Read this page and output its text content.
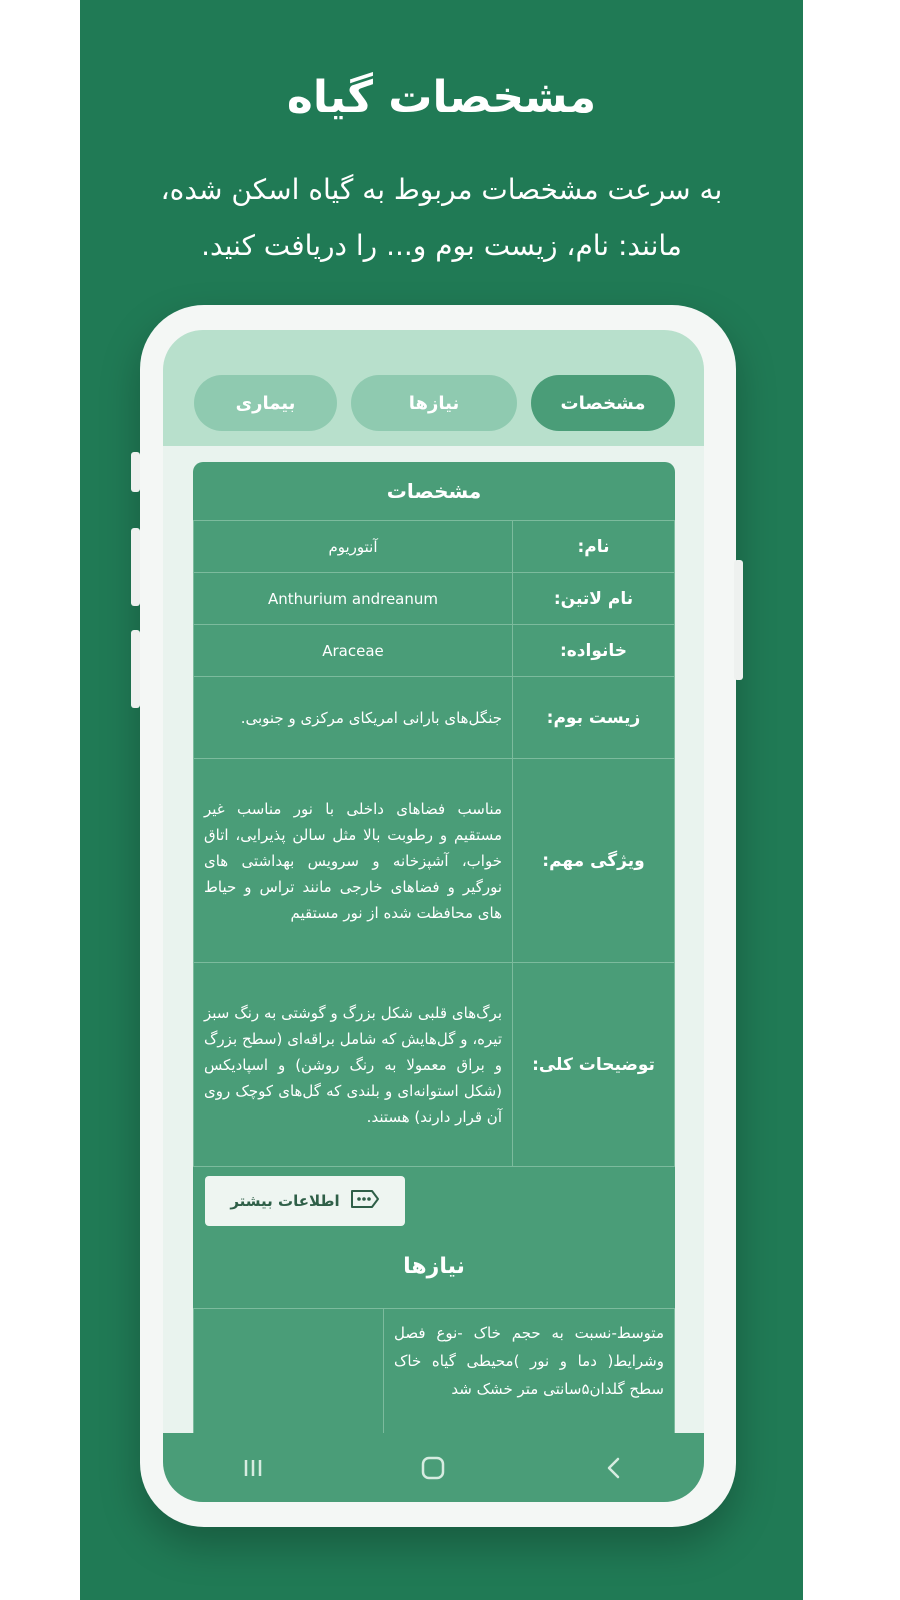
مشخصات گیاه
به سرعت مشخصات مربوط به گیاه اسکن شده،
مانند: نام، زیست بوم و... را دریافت کنید.
مشخصات
نیازها
بیماری
مشخصات
نام:	آنتوریوم
نام لاتین:	Anthurium andreanum
خانواده:	Araceae
زیست بوم:	جنگل‌های بارانی امریکای مرکزی و جنوبی.
ویژگی مهم:	مناسب فضاهای داخلی با نور مناسب غیر مستقیم و رطوبت بالا مثل سالن پذیرایی، اتاق خواب، آشپزخانه و سرویس بهداشتی های نورگیر و فضاهای خارجی مانند تراس و حیاط های محافظت شده از نور مستقیم
توضیحات کلی:	برگ‌های قلبی شکل بزرگ و گوشتی به رنگ سبز تیره، و گل‌هایش که شامل براقه‌ای (سطح بزرگ و براق معمولا به رنگ روشن) و اسپادیکس (شکل استوانه‌ای و بلندی که گل‌های کوچک روی آن قرار دارند) هستند.
اطلاعات بیشتر
نیازها
متوسط-نسبت به حجم خاک -نوع فصل وشرایط( دما و نور )محیطی گیاه خاک سطح گلدان۵سانتی متر خشک شد	
